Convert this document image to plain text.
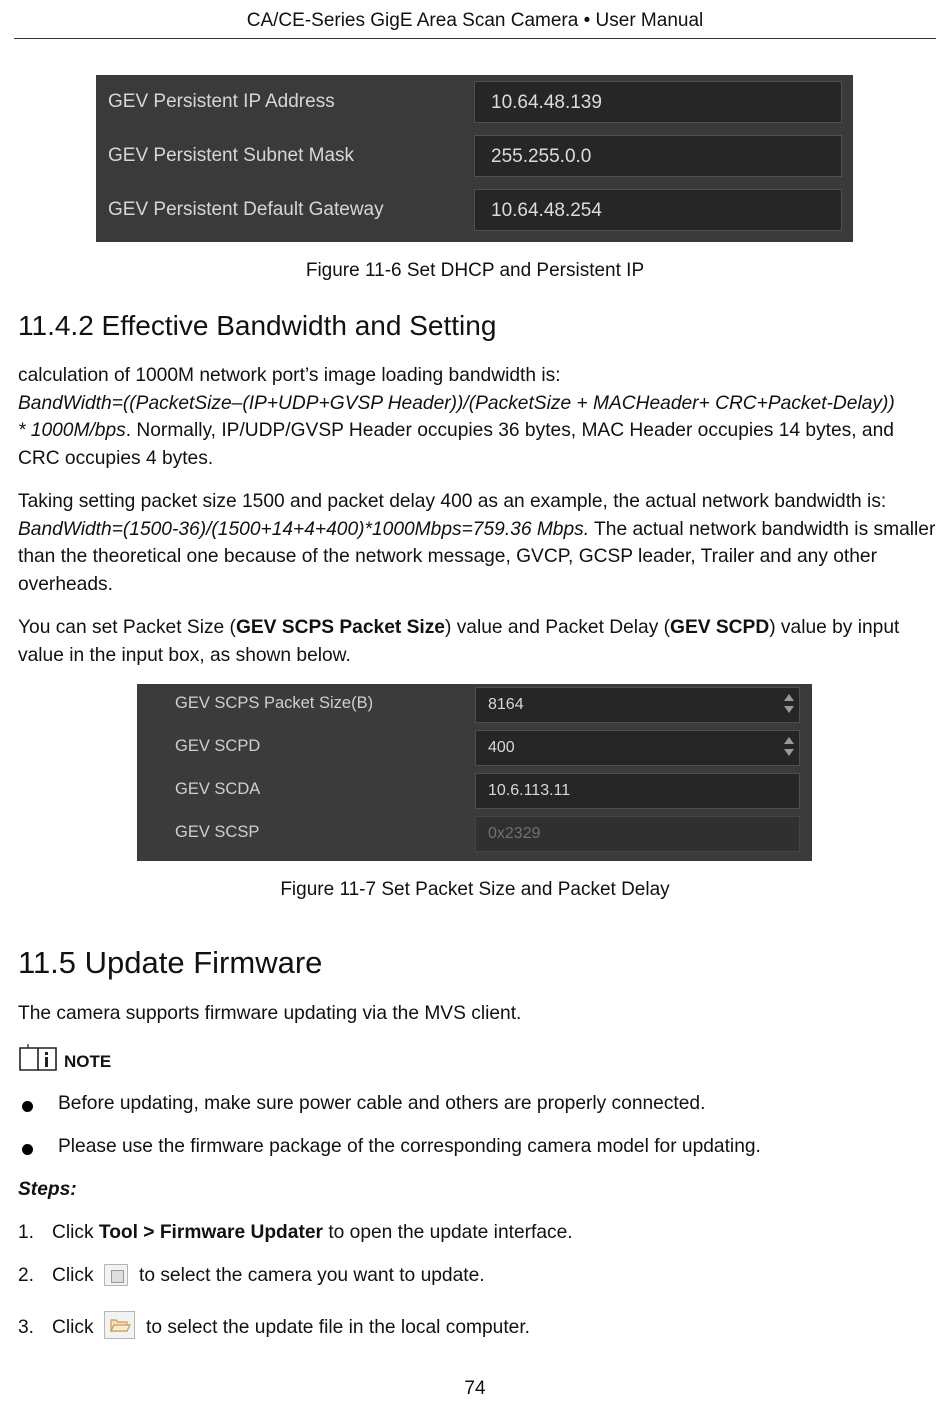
CA/CE-Series GigE Area Scan Camera • User Manual
GEV Persistent IP Address	10.64.48.139
GEV Persistent Subnet Mask	255.255.0.0
GEV Persistent Default Gateway	10.64.48.254
Figure 11-6 Set DHCP and Persistent IP
11.4.2 Effective Bandwidth and Setting

calculation of 1000M network port’s image loading bandwidth is:
BandWidth=((PacketSize–(IP+UDP+GVSP Header))/(PacketSize + MACHeader+ CRC+Packet-Delay))
* 1000M/bps. Normally, IP/UDP/GVSP Header occupies 36 bytes, MAC Header occupies 14 bytes, and CRC occupies 4 bytes.

Taking setting packet size 1500 and packet delay 400 as an example, the actual network bandwidth is: BandWidth=(1500-36)/(1500+14+4+400)*1000Mbps=759.36 Mbps. The actual network bandwidth is smaller than the theoretical one because of the network message, GVCP, GCSP leader, Trailer and any other overheads.

You can set Packet Size (GEV SCPS Packet Size) value and Packet Delay (GEV SCPD) value by input value in the input box, as shown below.

GEV SCPS Packet Size(B)	8164
GEV SCPD	400
GEV SCDA	10.6.113.11
GEV SCSP	0x2329
Figure 11-7 Set Packet Size and Packet Delay
11.5 Update Firmware
The camera supports firmware updating via the MVS client.
NOTE
Before updating, make sure power cable and others are properly connected.
Please use the firmware package of the corresponding camera model for updating.
Steps:
1. Click Tool > Firmware Updater to open the update interface.
2. Click to select the camera you want to update.
3. Click	to select the update file in the local computer.
74
